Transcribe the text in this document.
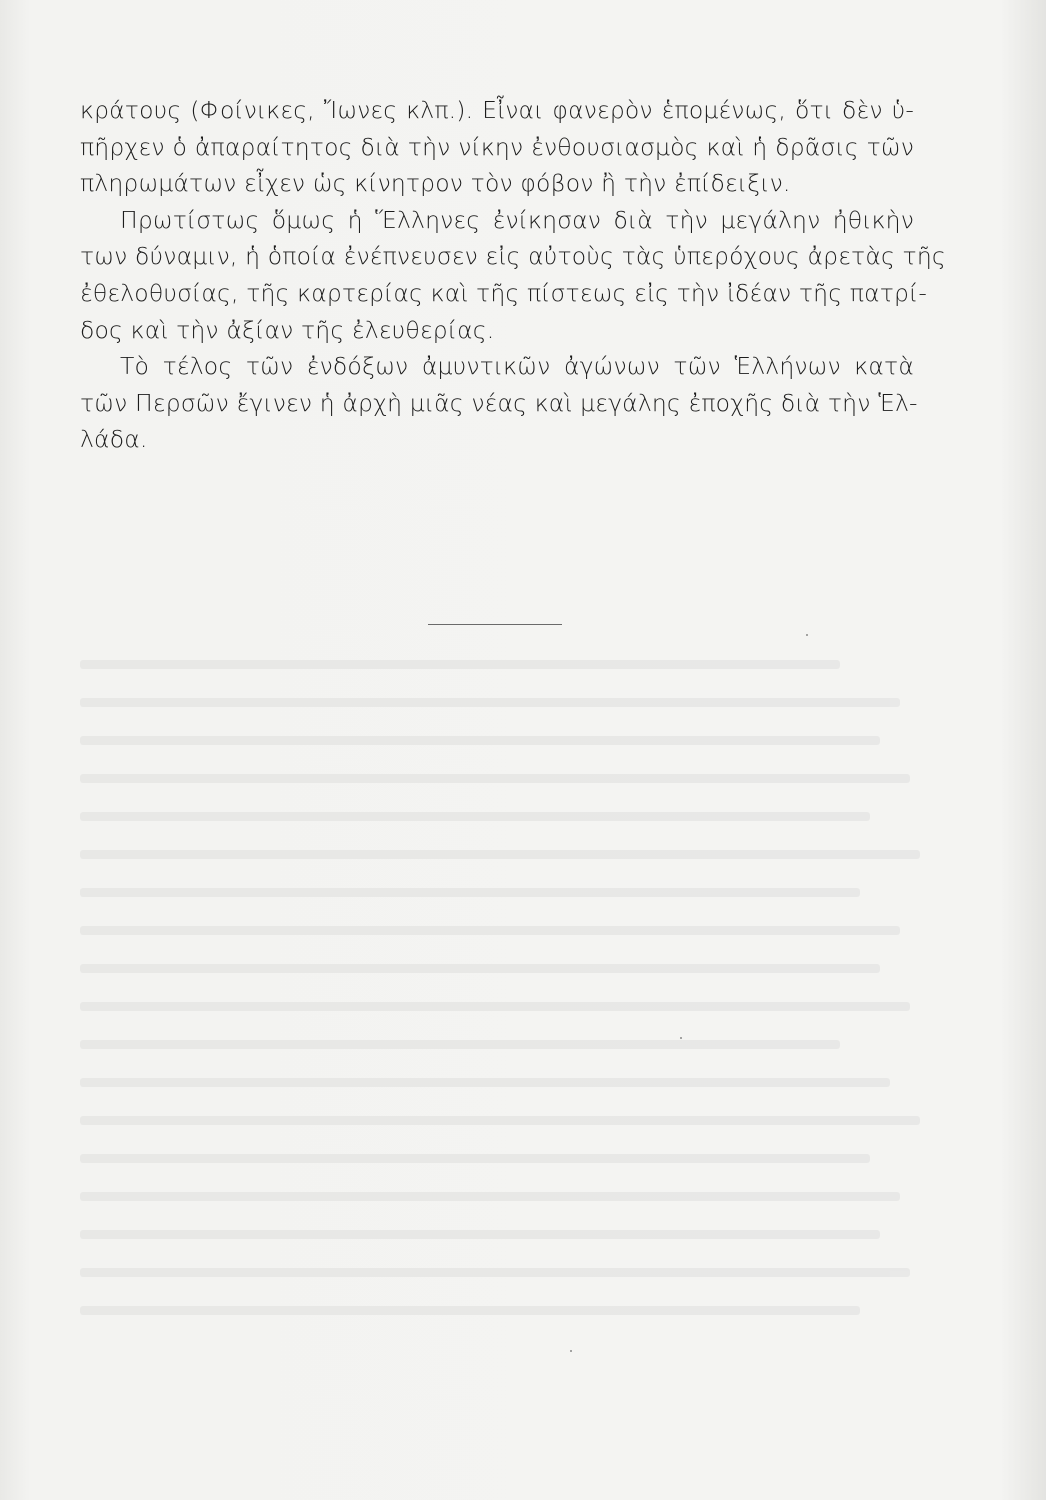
κράτους (Φοίνικες, Ἴωνες κλπ.). Εἶναι φανερὸν ἑπομένως, ὅτι δὲν ὑ-
πῆρχεν ὁ ἀπαραίτητος διὰ τὴν νίκην ἐνθουσιασμὸς καὶ ἡ δρᾶσις τῶν
πληρωμάτων εἶχεν ὡς κίνητρον τὸν φόβον ἢ τὴν ἐπίδειξιν.
Πρωτίστως ὅμως ἡ Ἕλληνες ἐνίκησαν διὰ τὴν μεγάλην ἠθικὴν
των δύναμιν, ἡ ὁποία ἐνέπνευσεν εἰς αὐτοὺς τὰς ὑπερόχους ἀρετὰς τῆς
ἐθελοθυσίας, τῆς καρτερίας καὶ τῆς πίστεως εἰς τὴν ἰδέαν τῆς πατρί-
δος καὶ τὴν ἀξίαν τῆς ἐλευθερίας.
Τὸ τέλος τῶν ἐνδόξων ἀμυντικῶν ἀγώνων τῶν Ἑλλήνων κατὰ
τῶν Περσῶν ἔγινεν ἡ ἀρχὴ μιᾶς νέας καὶ μεγάλης ἐποχῆς διὰ τὴν Ἑλ-
λάδα.
